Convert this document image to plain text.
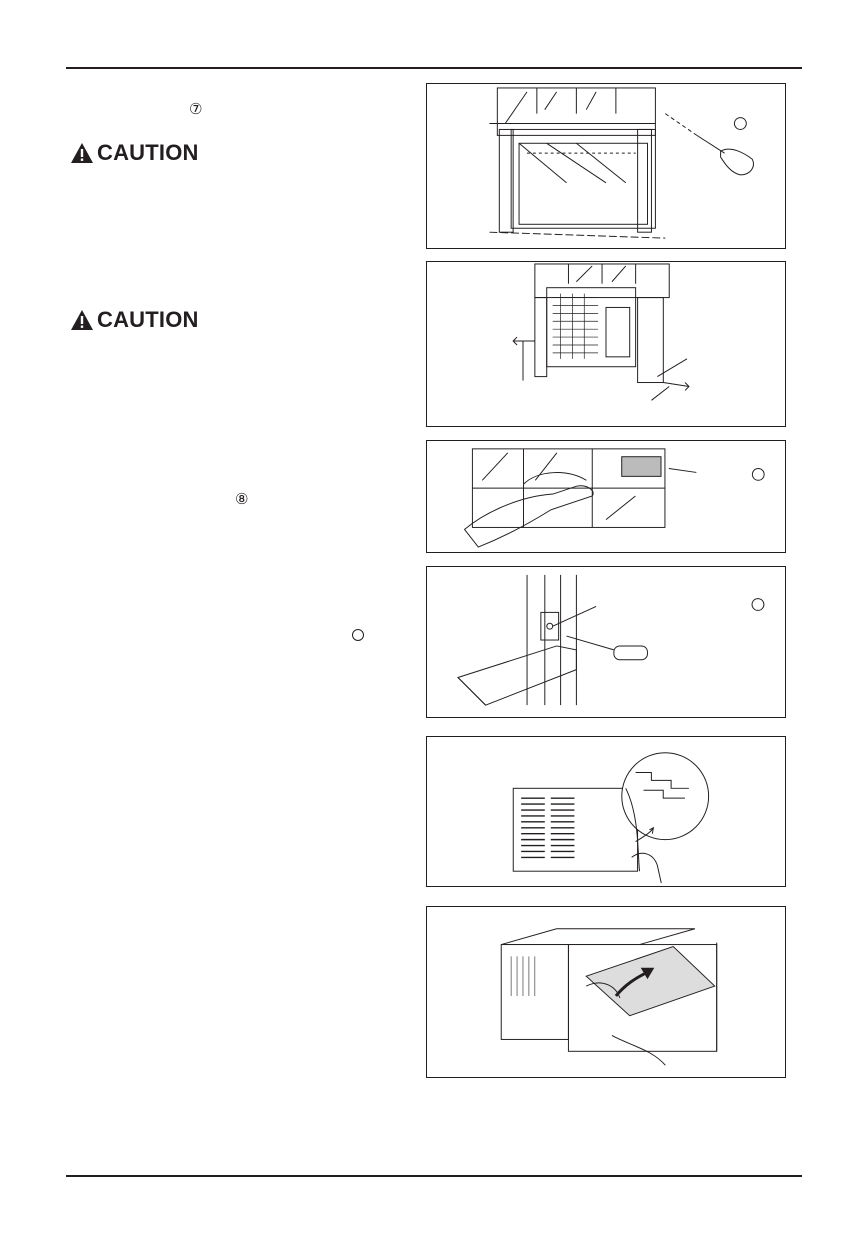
⑦
CAUTION
CAUTION
⑧
